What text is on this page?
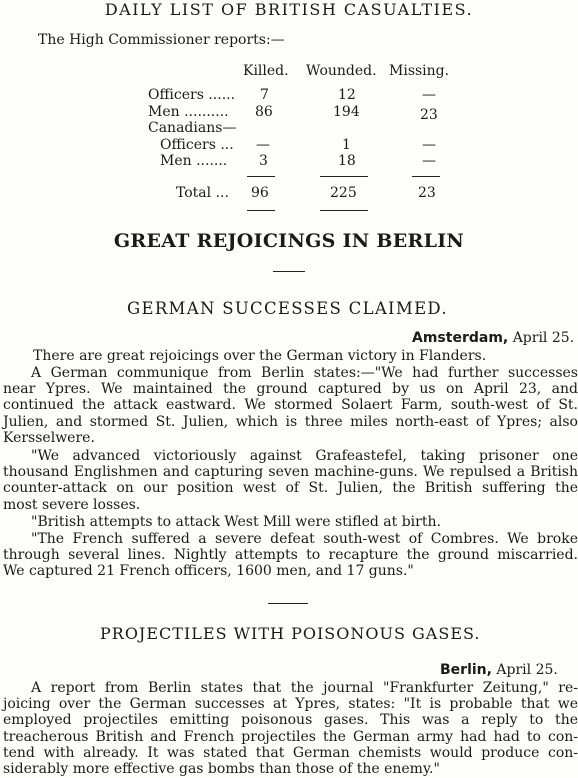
DAILY LIST OF BRITISH CASUALTIES.
The High Commissioner reports:—
Killed. Wounded. Missing.
Officers ...... 7	12	—
Men .......... 86	194	23
Canadians—
Officers ... —	1	—
Men ....... 3	18	—
Total ... 96	225	23
GREAT REJOICINGS IN BERLIN
GERMAN SUCCESSES CLAIMED.
Amsterdam, April 25.
There are great rejoicings over the German victory in Flanders.
A German communique from Berlin states:—"We had further successes
near Ypres. We maintained the ground captured by us on April 23, and
continued the attack eastward. We stormed Solaert Farm, south-west of St.
Julien, and stormed St. Julien, which is three miles north-east of Ypres; also
Kersselwere.
"We advanced victoriously against Grafeastefel, taking prisoner one
thousand Englishmen and capturing seven machine-guns. We repulsed a British
counter-attack on our position west of St. Julien, the British suffering the
most severe losses.
"British attempts to attack West Mill were stifled at birth.
"The French suffered a severe defeat south-west of Combres. We broke
through several lines. Nightly attempts to recapture the ground miscarried.
We captured 21 French officers, 1600 men, and 17 guns."
PROJECTILES WITH POISONOUS GASES.
Berlin, April 25.
A report from Berlin states that the journal "Frankfurter Zeitung," re-
joicing over the German successes at Ypres, states: "It is probable that we
employed projectiles emitting poisonous gases. This was a reply to the
treacherous British and French projectiles the German army had had to con-
tend with already. It was stated that German chemists would produce con-
siderably more effective gas bombs than those of the enemy."
